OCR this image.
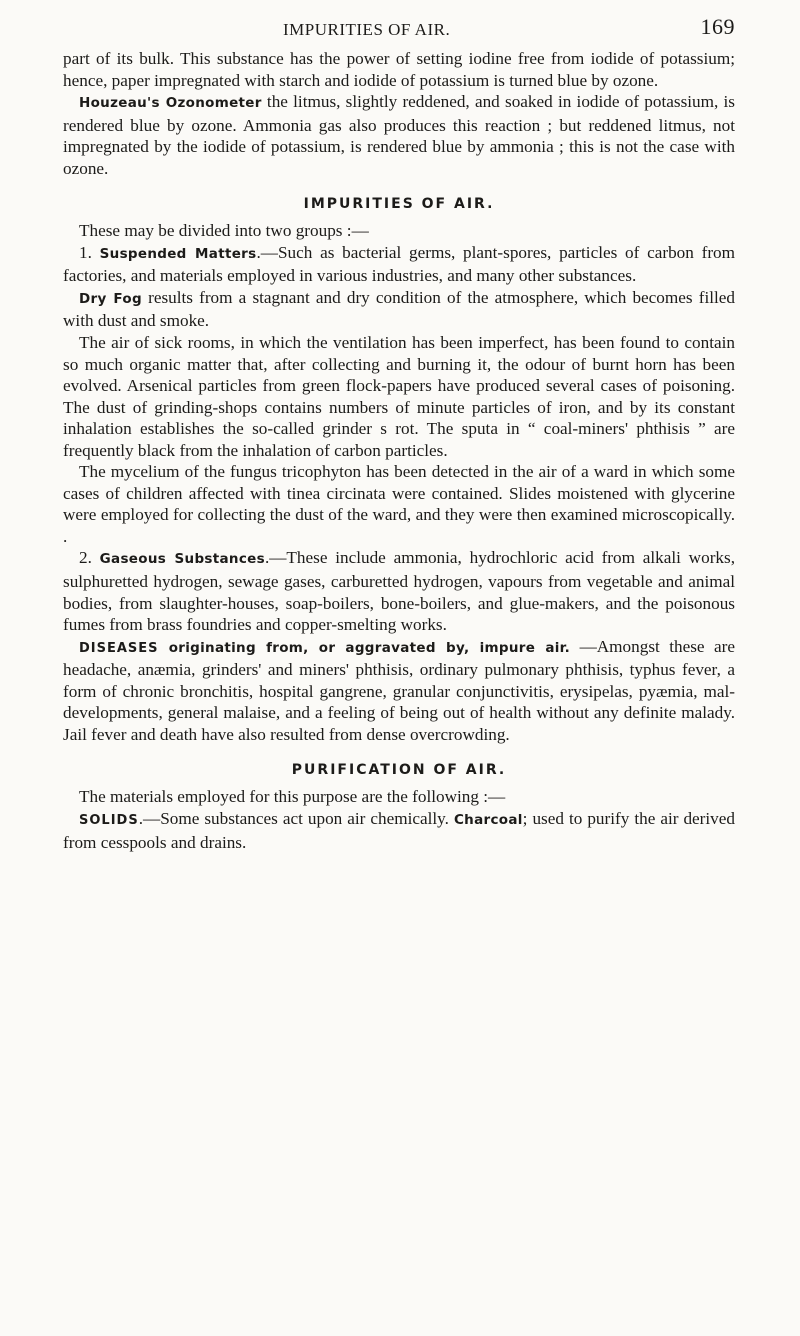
IMPURITIES OF AIR.	169

part of its bulk. This substance has the power of setting iodine free from iodide of potassium; hence, paper impregnated with starch and iodide of potassium is turned blue by ozone.

Houzeau's Ozonometer the litmus, slightly reddened, and soaked in iodide of potassium, is rendered blue by ozone. Ammonia gas also produces this reaction ; but reddened litmus, not impregnated by the iodide of potassium, is rendered blue by ammonia ; this is not the case with ozone.

IMPURITIES OF AIR.

These may be divided into two groups :—

1. Suspended Matters.—Such as bacterial germs, plant-spores, particles of carbon from factories, and materials employed in various industries, and many other substances.

Dry Fog results from a stagnant and dry condition of the atmosphere, which becomes filled with dust and smoke.

The air of sick rooms, in which the ventilation has been imperfect, has been found to contain so much organic matter that, after collecting and burning it, the odour of burnt horn has been evolved. Arsenical particles from green flock-papers have produced several cases of poisoning. The dust of grinding-shops contains numbers of minute particles of iron, and by its constant inhalation establishes the so-called grinder s rot. The sputa in “ coal-miners' phthisis ” are frequently black from the inhalation of carbon particles.

The mycelium of the fungus tricophyton has been detected in the air of a ward in which some cases of children affected with tinea circinata were contained. Slides moistened with glycerine were employed for collecting the dust of the ward, and they were then examined microscopically. .

2. Gaseous Substances.—These include ammonia, hydrochloric acid from alkali works, sulphuretted hydrogen, sewage gases, carburetted hydrogen, vapours from vegetable and animal bodies, from slaughter-houses, soap-boilers, bone-boilers, and glue-makers, and the poisonous fumes from brass foundries and copper-smelting works.

DISEASES originating from, or aggravated by, impure air. —Amongst these are headache, anæmia, grinders' and miners' phthisis, ordinary pulmonary phthisis, typhus fever, a form of chronic bronchitis, hospital gangrene, granular conjunctivitis, erysipelas, pyæmia, mal-developments, general malaise, and a feeling of being out of health without any definite malady. Jail fever and death have also resulted from dense overcrowding.

PURIFICATION OF AIR.

The materials employed for this purpose are the following :—

SOLIDS.—Some substances act upon air chemically. Charcoal; used to purify the air derived from cesspools and drains.
